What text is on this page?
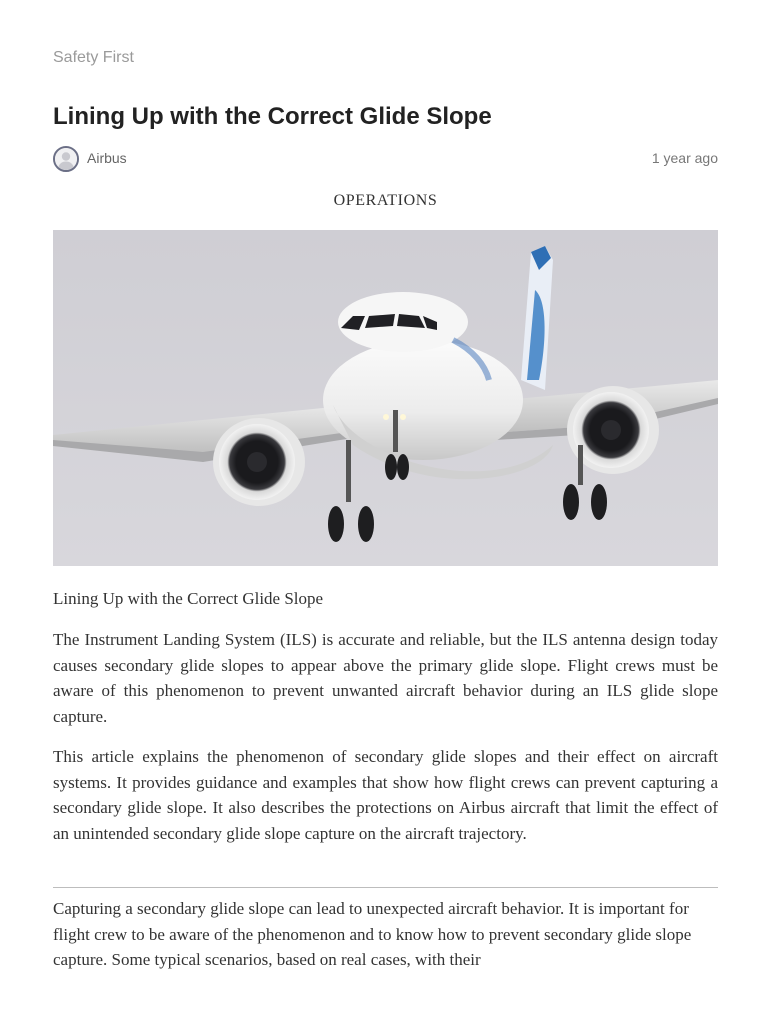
Safety First
Lining Up with the Correct Glide Slope
Airbus	1 year ago
OPERATIONS
Lining Up with the Correct Glide Slope

The Instrument Landing System (ILS) is accurate and reliable, but the ILS antenna design today causes secondary glide slopes to appear above the primary glide slope. Flight crews must be aware of this phenomenon to prevent unwanted aircraft behavior during an ILS glide slope capture.

This article explains the phenomenon of secondary glide slopes and their effect on aircraft systems. It provides guidance and examples that show how flight crews can prevent capturing a secondary glide slope. It also describes the protections on Airbus aircraft that limit the effect of an unintended secondary glide slope capture on the aircraft trajectory.

Capturing a secondary glide slope can lead to unexpected aircraft behavior. It is important for flight crew to be aware of the phenomenon and to know how to prevent secondary glide slope capture. Some typical scenarios, based on real cases, with their
